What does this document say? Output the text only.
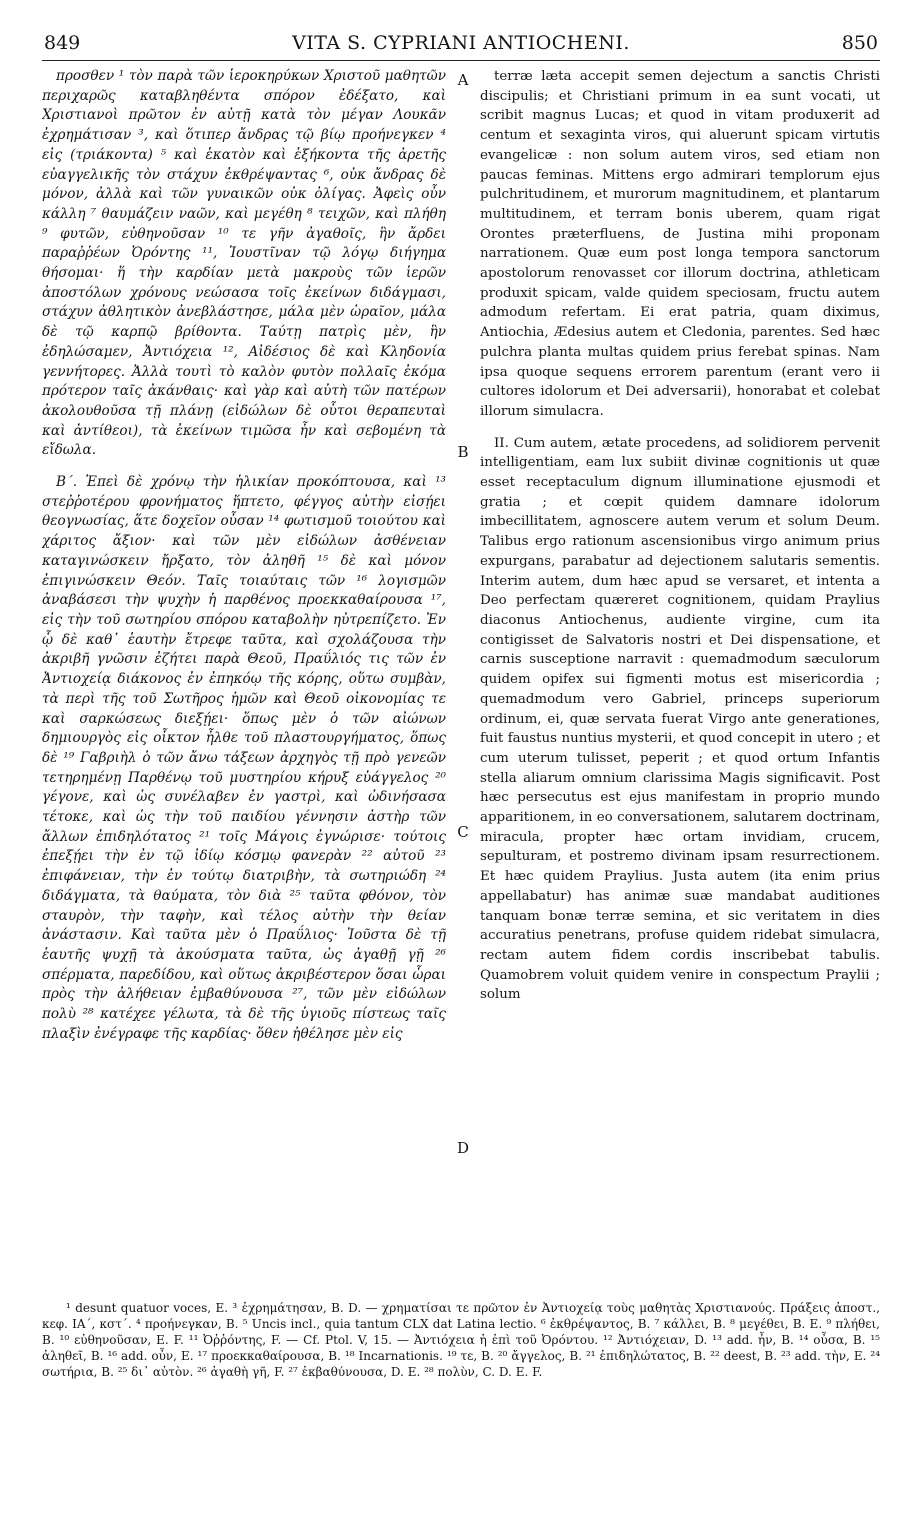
849	VITA S. CYPRIANI ANTIOCHENI.	850

προσθεν ¹ τὸν παρὰ τῶν ἱεροκηρύκων Χριστοῦ μαθητῶν περιχαρῶς καταβληθέντα σπόρον ἐδέξατο, καὶ Χριστιανοὶ πρῶτον ἐν αὐτῇ κατὰ τὸν μέγαν Λουκᾶν ἐχρημάτισαν ³, καὶ ὅτιπερ ἄνδρας τῷ βίῳ προήνεγκεν ⁴ εἰς (τριάκοντα) ⁵ καὶ ἑκατὸν καὶ ἑξήκοντα τῆς ἀρετῆς εὐαγγελικῆς τὸν στάχυν ἐκθρέψαντας ⁶, οὐκ ἄνδρας δὲ μόνον, ἀλλὰ καὶ τῶν γυναικῶν οὐκ ὀλίγας. Ἀφεὶς οὖν κάλλη ⁷ θαυμάζειν ναῶν, καὶ μεγέθη ⁸ τειχῶν, καὶ πλήθη ⁹ φυτῶν, εὐθηνοῦσαν ¹⁰ τε γῆν ἀγαθοῖς, ἣν ἄρδει παραῤῥέων Ὀρόντης ¹¹, Ἰουστῖναν τῷ λόγῳ διήγημα θήσομαι· ἥ τὴν καρδίαν μετὰ μακροὺς τῶν ἱερῶν ἀποστόλων χρόνους νεώσασα τοῖς ἐκείνων διδάγμασι, στάχυν ἀθλητικὸν ἀνεβλάστησε, μάλα μὲν ὡραῖον, μάλα δὲ τῷ καρπῷ βρίθοντα. Ταύτῃ πατρὶς μὲν, ἣν ἐδηλώσαμεν, Ἀντιόχεια ¹², Αἰδέσιος δὲ καὶ Κληδονία γεννήτορες. Ἀλλὰ τουτὶ τὸ καλὸν φυτὸν πολλαῖς ἐκόμα πρότερον ταῖς ἀκάνθαις· καὶ γὰρ καὶ αὐτὴ τῶν πατέρων ἀκολουθοῦσα τῇ πλάνῃ (εἰδώλων δὲ οὗτοι θεραπευταὶ καὶ ἀντίθεοι), τὰ ἐκείνων τιμῶσα ἦν καὶ σεβομένη τὰ εἴδωλα.

Β΄. Ἐπεὶ δὲ χρόνῳ τὴν ἡλικίαν προκόπτουσα, καὶ ¹³ στεῤῥοτέρου φρονήματος ἥπτετο, φέγγος αὐτὴν εἰσῄει θεογνωσίας, ἅτε δοχεῖον οὖσαν ¹⁴ φωτισμοῦ τοιούτου καὶ χάριτος ἄξιον· καὶ τῶν μὲν εἰδώλων ἀσθένειαν καταγινώσκειν ἤρξατο, τὸν ἀληθῆ ¹⁵ δὲ καὶ μόνον ἐπιγινώσκειν Θεόν. Ταῖς τοιαύταις τῶν ¹⁶ λογισμῶν ἀναβάσεσι τὴν ψυχὴν ἡ παρθένος προεκκαθαίρουσα ¹⁷, εἰς τὴν τοῦ σωτηρίου σπόρου καταβολὴν ηὐτρεπίζετο. Ἐν ᾧ δὲ καθ᾽ ἑαυτὴν ἔτρεφε ταῦτα, καὶ σχολάζουσα τὴν ἀκριβῆ γνῶσιν ἐζήτει παρὰ Θεοῦ, Πραΰλιός τις τῶν ἐν Ἀντιοχείᾳ διάκονος ἐν ἐπηκόῳ τῆς κόρης, οὕτω συμβὰν, τὰ περὶ τῆς τοῦ Σωτῆρος ἡμῶν καὶ Θεοῦ οἰκονομίας τε καὶ σαρκώσεως διεξῄει· ὅπως μὲν ὁ τῶν αἰώνων δημιουργὸς εἰς οἶκτον ἦλθε τοῦ πλαστουργήματος, ὅπως δὲ ¹⁹ Γαβριὴλ ὁ τῶν ἄνω τάξεων ἀρχηγὸς τῇ πρὸ γενεῶν τετηρημένῃ Παρθένῳ τοῦ μυστηρίου κήρυξ εὐάγγελος ²⁰ γέγονε, καὶ ὡς συνέλαβεν ἐν γαστρὶ, καὶ ὠδινήσασα τέτοκε, καὶ ὡς τὴν τοῦ παιδίου γέννησιν ἀστὴρ τῶν ἄλλων ἐπιδηλότατος ²¹ τοῖς Μάγοις ἐγνώρισε· τούτοις ἐπεξῄει τὴν ἐν τῷ ἰδίῳ κόσμῳ φανερὰν ²² αὐτοῦ ²³ ἐπιφάνειαν, τὴν ἐν τούτῳ διατριβὴν, τὰ σωτηριώδη ²⁴ διδάγματα, τὰ θαύματα, τὸν διὰ ²⁵ ταῦτα φθόνον, τὸν σταυρὸν, τὴν ταφὴν, καὶ τέλος αὐτὴν τὴν θείαν ἀνάστασιν. Καὶ ταῦτα μὲν ὁ Πραΰλιος· Ἰοῦστα δὲ τῇ ἑαυτῆς ψυχῇ τὰ ἀκούσματα ταῦτα, ὡς ἀγαθῇ γῇ ²⁶ σπέρματα, παρεδίδου, καὶ οὕτως ἀκριβέστερον ὅσαι ὧραι πρὸς τὴν ἀλήθειαν ἐμβαθύνουσα ²⁷, τῶν μὲν εἰδώλων πολὺ ²⁸ κατέχεε γέλωτα, τὰ δὲ τῆς ὑγιοῦς πίστεως ταῖς πλαξὶν ἐνέγραφε τῆς καρδίας· ὅθεν ἠθέλησε μὲν εἰς

A
B
C
D

terræ læta accepit semen dejectum a sanctis Christi discipulis; et Christiani primum in ea sunt vocati, ut scribit magnus Lucas; et quod in vitam produxerit ad centum et sexaginta viros, qui aluerunt spicam virtutis evangelicæ : non solum autem viros, sed etiam non paucas feminas. Mittens ergo admirari templorum ejus pulchritudinem, et murorum magnitudinem, et plantarum multitudinem, et terram bonis uberem, quam rigat Orontes præterfluens, de Justina mihi proponam narrationem. Quæ eum post longa tempora sanctorum apostolorum renovasset cor illorum doctrina, athleticam produxit spicam, valde quidem speciosam, fructu autem admodum refertam. Ei erat patria, quam diximus, Antiochia, Ædesius autem et Cledonia, parentes. Sed hæc pulchra planta multas quidem prius ferebat spinas. Nam ipsa quoque sequens errorem parentum (erant vero ii cultores idolorum et Dei adversarii), honorabat et colebat illorum simulacra.

II. Cum autem, ætate procedens, ad solidiorem pervenit intelligentiam, eam lux subiit divinæ cognitionis ut quæ esset receptaculum dignum illuminatione ejusmodi et gratia ; et cœpit quidem damnare idolorum imbecillitatem, agnoscere autem verum et solum Deum. Talibus ergo rationum ascensionibus virgo animum prius expurgans, parabatur ad dejectionem salutaris sementis. Interim autem, dum hæc apud se versaret, et intenta a Deo perfectam quæreret cognitionem, quidam Praylius diaconus Antiochenus, audiente virgine, cum ita contigisset de Salvatoris nostri et Dei dispensatione, et carnis susceptione narravit : quemadmodum sæculorum quidem opifex sui figmenti motus est misericordia ; quemadmodum vero Gabriel, princeps superiorum ordinum, ei, quæ servata fuerat Virgo ante generationes, fuit faustus nuntius mysterii, et quod concepit in utero ; et cum uterum tulisset, peperit ; et quod ortum Infantis stella aliarum omnium clarissima Magis significavit. Post hæc persecutus est ejus manifestam in proprio mundo apparitionem, in eo conversationem, salutarem doctrinam, miracula, propter hæc ortam invidiam, crucem, sepulturam, et postremo divinam ipsam resurrectionem. Et hæc quidem Praylius. Justa autem (ita enim prius appellabatur) has animæ suæ mandabat auditiones tanquam bonæ terræ semina, et sic veritatem in dies accuratius penetrans, profuse quidem ridebat simulacra, rectam autem fidem cordis inscribebat tabulis. Quamobrem voluit quidem venire in conspectum Praylii ; solum

¹ desunt quatuor voces, E. ³ ἐχρημάτησαν, B. D. — χρηματίσαι τε πρῶτον ἐν Ἀντιοχείᾳ τοὺς μαθητὰς Χριστιανούς. Πράξεις ἀποστ., κεφ. ΙΑ΄, κστ΄. ⁴ προήνεγκαν, B. ⁵ Uncis incl., quia tantum CLX dat Latina lectio. ⁶ ἐκθρέψαντος, B. ⁷ κάλλει, B. ⁸ μεγέθει, B. E. ⁹ πλήθει, B. ¹⁰ εὐθηνοῦσαν, E. F. ¹¹ Ὀῤῥόντης, F. — Cf. Ptol. V, 15. — Ἀντιόχεια ἡ ἐπὶ τοῦ Ὀρόντου. ¹² Ἀντιόχειαν, D. ¹³ add. ἦν, B. ¹⁴ οὖσα, B. ¹⁵ ἀληθεῖ, B. ¹⁶ add. οὖν, E. ¹⁷ προεκκαθαίρουσα, B. ¹⁸ Incarnationis. ¹⁹ τε, B. ²⁰ ἄγγελος, B. ²¹ ἐπιδηλώτατος, B. ²² deest, B. ²³ add. τὴν, E. ²⁴ σωτήρια, B. ²⁵ δι᾽ αὐτὸν. ²⁶ ἀγαθὴ γῆ, F. ²⁷ ἐκβαθύνουσα, D. E. ²⁸ πολὺν, C. D. E. F.
